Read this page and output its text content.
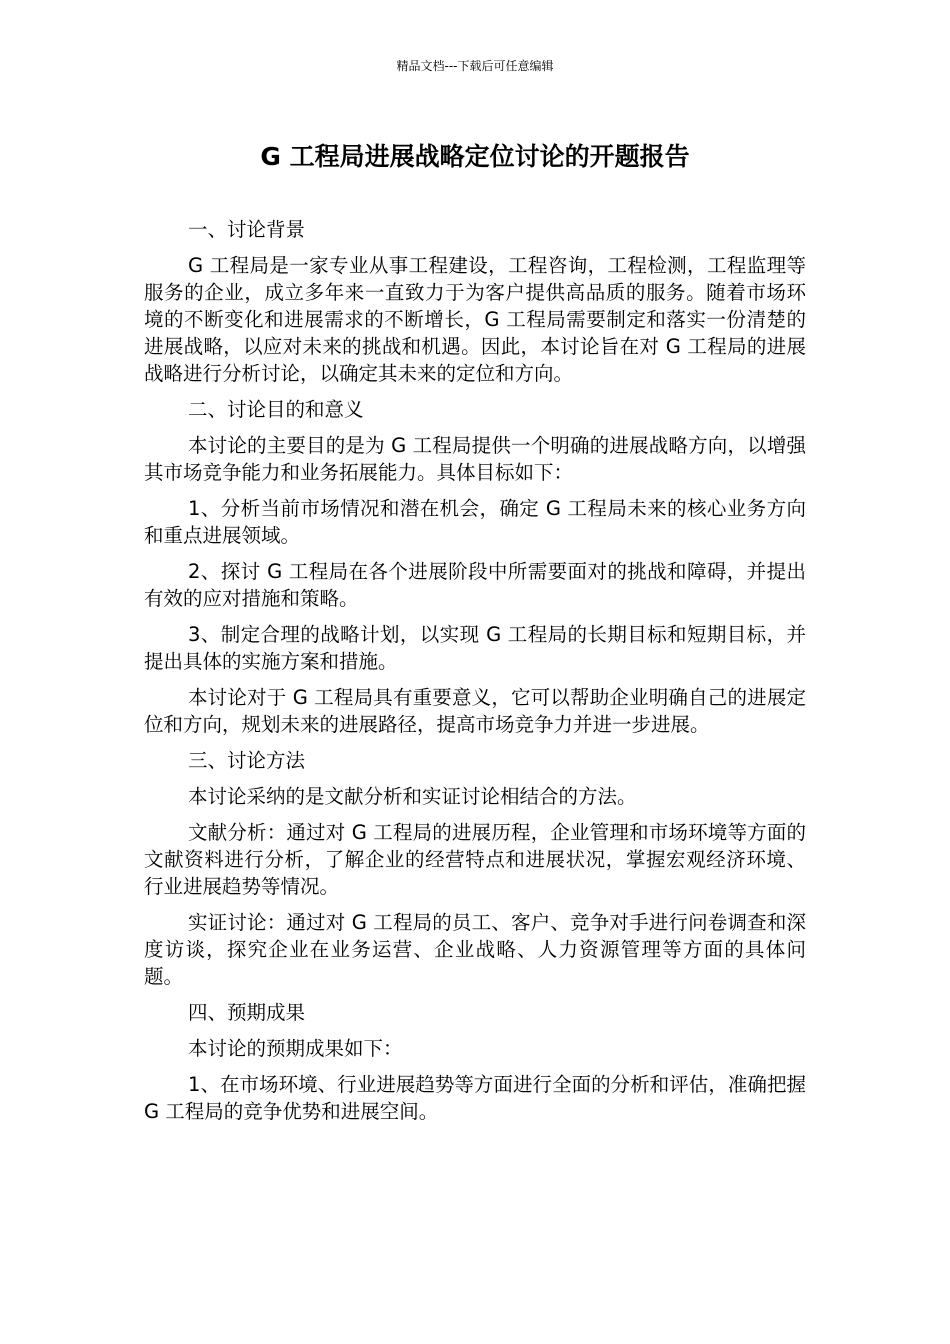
精品文档---下载后可任意编辑
G 工程局进展战略定位讨论的开题报告

一、讨论背景

G 工程局是一家专业从事工程建设，工程咨询，工程检测，工程监理等服务的企业，成立多年来一直致力于为客户提供高品质的服务。随着市场环境的不断变化和进展需求的不断增长，G 工程局需要制定和落实一份清楚的进展战略，以应对未来的挑战和机遇。因此，本讨论旨在对 G 工程局的进展战略进行分析讨论，以确定其未来的定位和方向。

二、讨论目的和意义

本讨论的主要目的是为 G 工程局提供一个明确的进展战略方向，以增强其市场竞争能力和业务拓展能力。具体目标如下：

1、分析当前市场情况和潜在机会，确定 G 工程局未来的核心业务方向和重点进展领域。

2、探讨 G 工程局在各个进展阶段中所需要面对的挑战和障碍，并提出有效的应对措施和策略。

3、制定合理的战略计划，以实现 G 工程局的长期目标和短期目标，并提出具体的实施方案和措施。

本讨论对于 G 工程局具有重要意义，它可以帮助企业明确自己的进展定位和方向，规划未来的进展路径，提高市场竞争力并进一步进展。

三、讨论方法

本讨论采纳的是文献分析和实证讨论相结合的方法。

文献分析：通过对 G 工程局的进展历程，企业管理和市场环境等方面的文献资料进行分析，了解企业的经营特点和进展状况，掌握宏观经济环境、行业进展趋势等情况。

实证讨论：通过对 G 工程局的员工、客户、竞争对手进行问卷调查和深度访谈，探究企业在业务运营、企业战略、人力资源管理等方面的具体问题。

四、预期成果

本讨论的预期成果如下：

1、在市场环境、行业进展趋势等方面进行全面的分析和评估，准确把握 G 工程局的竞争优势和进展空间。
